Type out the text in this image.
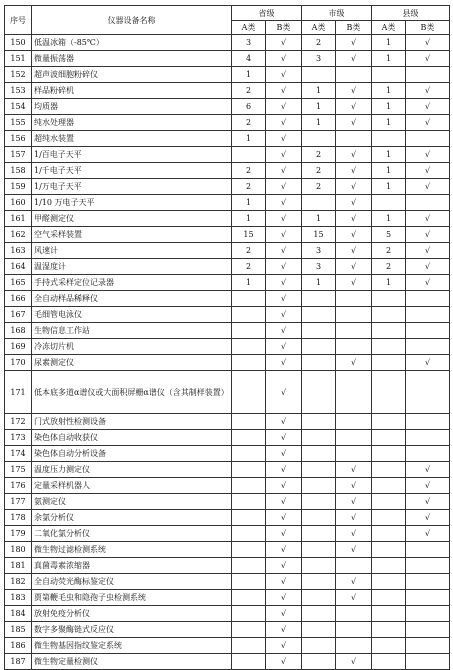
序号	仪器设备名称	省级		市级		县级	
		A类	B类	A类	B类	A类	B类
150	低温冰箱（-85℃）	3	√	2	√	1	√
151	微量振荡器	4	√	3	√	1	√
152	超声波细胞粉碎仪	1	√				
153	样品粉碎机	2	√	1	√	1	√
154	均质器	6	√	1	√	1	√
155	纯水处理器	2	√	1	√	1	√
156	超纯水装置	1	√				
157	1/百电子天平		√	2	√	1	√
158	1/千电子天平	2	√	2	√	1	√
159	1/万电子天平	2	√	2	√	1	√
160	1/10 万电子天平	1	√		√		
161	甲醛测定仪	1	√	1	√	1	√
162	空气采样装置	15	√	15	√	5	√
163	风速计	2	√	3	√	2	√
164	温湿度计	2	√	3	√	2	√
165	手持式采样定位记录器	1	√	1	√	1	√
166	全自动样品稀释仪		√				
167	毛细管电泳仪		√				
168	生物信息工作站		√				
169	冷冻切片机		√				
170	尿素测定仪		√		√		√
171	低本底多道α谱仪或大面积屏栅α谱仪（含其制样装置）		√				
172	门式放射性检测设备		√				
173	染色体自动收获仪		√				
174	染色体自动分析设备		√				
175	温度压力测定仪		√		√		√
176	定量采样机器人		√		√		√
177	氨测定仪		√		√		√
178	余氯分析仪		√		√		√
179	二氧化氯分析仪		√		√		√
180	微生物过滤检测系统		√		√		
181	真菌毒素浓缩器		√				
182	全自动荧光酶标鉴定仪		√		√		
183	贾第鞭毛虫和隐孢子虫检测系统		√		√		
184	放射免疫分析仪		√				
185	数字多聚酶链式反应仪		√				
186	微生物基因指纹鉴定系统		√				
187	微生物定量检测仪		√		√		
